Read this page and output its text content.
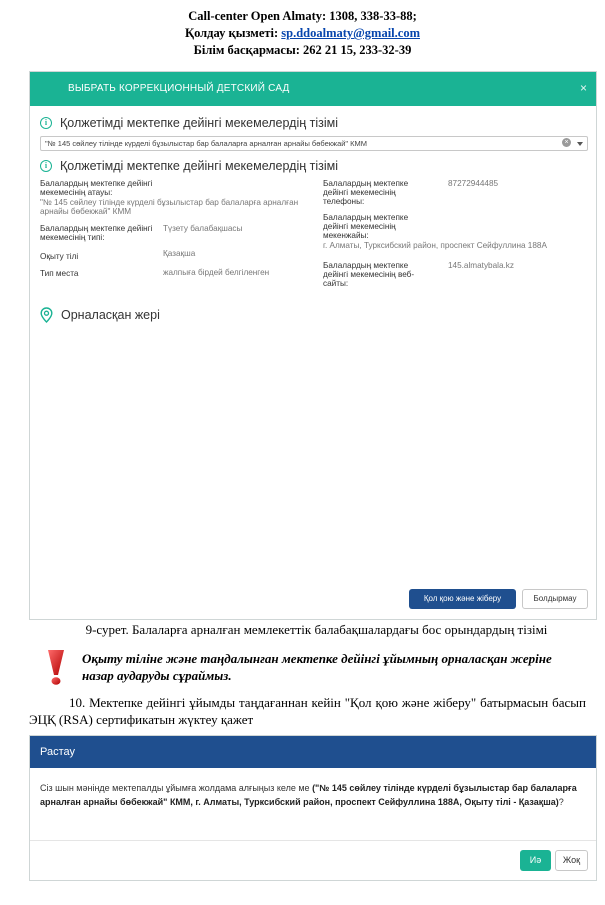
Call-center Open Almaty: 1308, 338-33-88;
Қолдау қызметі: sp.ddoalmaty@gmail.com
Білім басқармасы: 262 21 15, 233-32-39
ВЫБРАТЬ КОРРЕКЦИОННЫЙ ДЕТСКИЙ САД	×
i	Қолжетімді мектепке дейінгі мекемелердің тізімі
"№ 145 сөйлеу тілінде күрделі бұзылыстар бар балаларға арналған арнайы бөбекжай" КММ	×
i	Қолжетімді мектепке дейінгі мекемелердің тізімі
Балалардың мектепке дейінгі мекемесінің атауы:
"№ 145 сөйлеу тілінде күрделі бұзылыстар бар балаларға арналған арнайы бөбекжай" КММ
Балалардың мектепке дейінгі мекемесінің типі:
Түзету балабақшасы
Оқыту тілі	Қазақша
Тип места	жалпыға бірдей белгіленген
Балалардың мектепке дейінгі мекемесінің телефоны:
87272944485
Балалардың мектепке дейінгі мекемесінің мекенжайы:
г. Алматы, Турксибский район, проспект Сейфуллина 188А
Балалардың мектепке дейінгі мекемесінің веб-сайты:
145.almatybala.kz
Орналасқан жері
Қол қою және жіберу	Болдырмау
9-сурет. Балаларға арналған мемлекеттік балабақшалардағы бос орындардың тізімі
Оқыту тіліне және таңдалынған мектепке дейінгі ұйымның орналасқан жеріне назар аударуды сұраймыз.
10. Мектепке дейінгі ұйымды таңдағаннан кейін "Қол қою және жіберу" батырмасын басып ЭЦҚ (RSA) сертификатын жүктеу қажет
Растау
Сіз шын мәнінде мектепалды ұйымға жолдама алғыңыз келе ме ("№ 145 сөйлеу тілінде күрделі бұзылыстар бар балаларға арналған арнайы бөбекжай" КММ, г. Алматы, Турксибский район, проспект Сейфуллина 188А, Оқыту тілі - Қазақша)?
Иә	Жоқ
